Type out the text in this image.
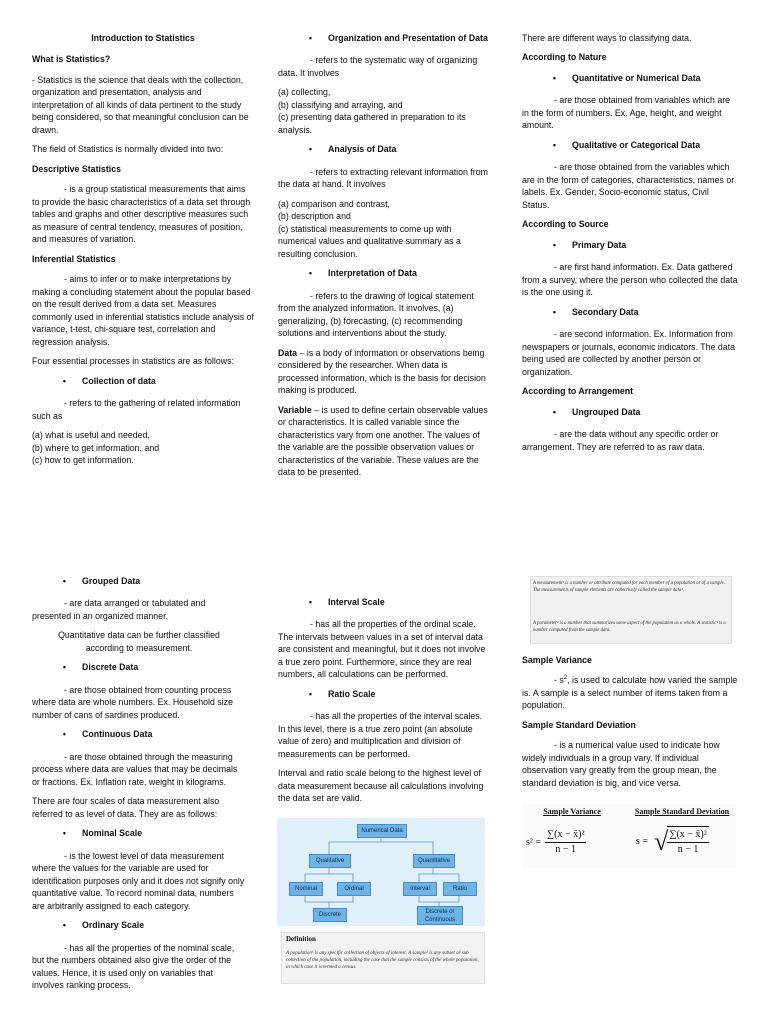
Introduction to Statistics

What is Statistics?

- Statistics is the science that deals with the collection, organization and presentation, analysis and interpretation of all kinds of data pertinent to the study being considered, so that meaningful conclusion can be drawn.

The field of Statistics is normally divided into two:

Descriptive Statistics

- is a group statistical measurements that aims to provide the basic characteristics of a data set through tables and graphs and other descriptive measures such as measure of central tendency, measures of position, and measures of variation.

Inferential Statistics

- aims to infer or to make interpretations by making a concluding statement about the popular based on the result derived from a data set. Measures commonly used in inferential statistics include analysis of variance, t-test, chi-square test, correlation and regression analysis.

Four essential processes in statistics are as follows:

•	Collection of data

- refers to the gathering of related information such as

(a) what is useful and needed,
(b) where to get information, and
(c) how to get information.

•	Organization and Presentation of Data

- refers to the systematic way of organizing data. It involves

(a) collecting,
(b) classifying and arraying, and
(c) presenting data gathered in preparation to its analysis.

•	Analysis of Data

- refers to extracting relevant information from the data at hand. It involves

(a) comparison and contrast,
(b) description and
(c) statistical measurements to come up with numerical values and qualitative summary as a resulting conclusion.

•	Interpretation of Data

- refers to the drawing of logical statement from the analyzed information. It involves, (a) generalizing, (b) forecasting, (c) recommending solutions and interventions about the study.

Data – is a body of information or observations being considered by the researcher. When data is processed information, which is the basis for decision making is produced.

Variable – is used to define certain observable values or characteristics. It is called variable since the characteristics vary from one another. The values of the variable are the possible observation values or characteristics of the variable. These values are the data to be presented.

There are different ways to classifying data.

According to Nature

•	Quantitative or Numerical Data

- are those obtained from variables which are in the form of numbers. Ex. Age, height, and weight amount.

•	Qualitative or Categorical Data

- are those obtained from the variables which are in the form of categories, characteristics, names or labels. Ex. Gender, Socio-economic status, Civil Status.

According to Source

•	Primary Data

- are first hand information. Ex. Data gathered from a survey, where the person who collected the data is the one using it.

•	Secondary Data

- are second information. Ex. Information from newspapers or journals, economic indicators. The data being used are collected by another person or organization.

According to Arrangement

•	Ungrouped Data

- are the data without any specific order or arrangement. They are referred to as raw data.

•	Grouped Data

- are data arranged or tabulated and presented in an organized manner.

Quantitative data can be further classified according to measurement.

•	Discrete Data

- are those obtained from counting process where data are whole numbers. Ex. Household size number of cans of sardines produced.

•	Continuous Data

- are those obtained through the measuring process where data are values that may be decimals or fractions. Ex. Inflation rate, weight in kilograms.

There are four scales of data measurement also referred to as level of data. They are as follows:

•	Nominal Scale

- is the lowest level of data measurement where the values for the variable are used for identification purposes only and it does not signify only quantitative value. To record nominal data, numbers are arbitrarily assigned to each category.

•	Ordinary Scale

- has all the properties of the nominal scale, but the numbers obtained also give the order of the values. Hence, it is used only on variables that involves ranking process.

•	Interval Scale

- has all the properties of the ordinal scale. The intervals between values in a set of interval data are consistent and meaningful, but it does not involve a true zero point. Furthermore, since they are real numbers, all calculations can be performed.

•	Ratio Scale

- has all the properties of the interval scales. In this level, there is a true zero point (an absolute value of zero) and multiplication and division of measurements can be performed.

Interval and ratio scale belong to the highest level of data measurement because all calculations involving the data set are valid.

Numerical Data
Qualitative	Quantitative
Nominal	Ordinal	Interval	Ratio
Discrete	Discrete or Continuous
Definition
A population¹ is any specific collection of objects of interest. A sample² is any subset or sub collection of the population, including the case that the sample consists of the whole population, in which case it is termed a census.
A measurement¹ is a number or attribute computed for each member of a population or of a sample. The measurements of sample elements are collectively called the sample data¹.
A parameter² is a number that summarizes some aspect of the population as a whole. A statistic³ is a number computed from the sample data.

Sample Variance

- $s^2$, is used to calculate how varied the sample is. A sample is a select number of items taken from a population.

Sample Standard Deviation

- is a numerical value used to indicate how widely individuals in a group vary. If individual observation vary greatly from the group mean, the standard deviation is big, and vice versa.

Sample Variance	Sample Standard Deviation
$s^2 = \frac{\text{∑(x − x̄)²}}{n - 1}$	s = √ ∑(x − x̄)²
n − 1
